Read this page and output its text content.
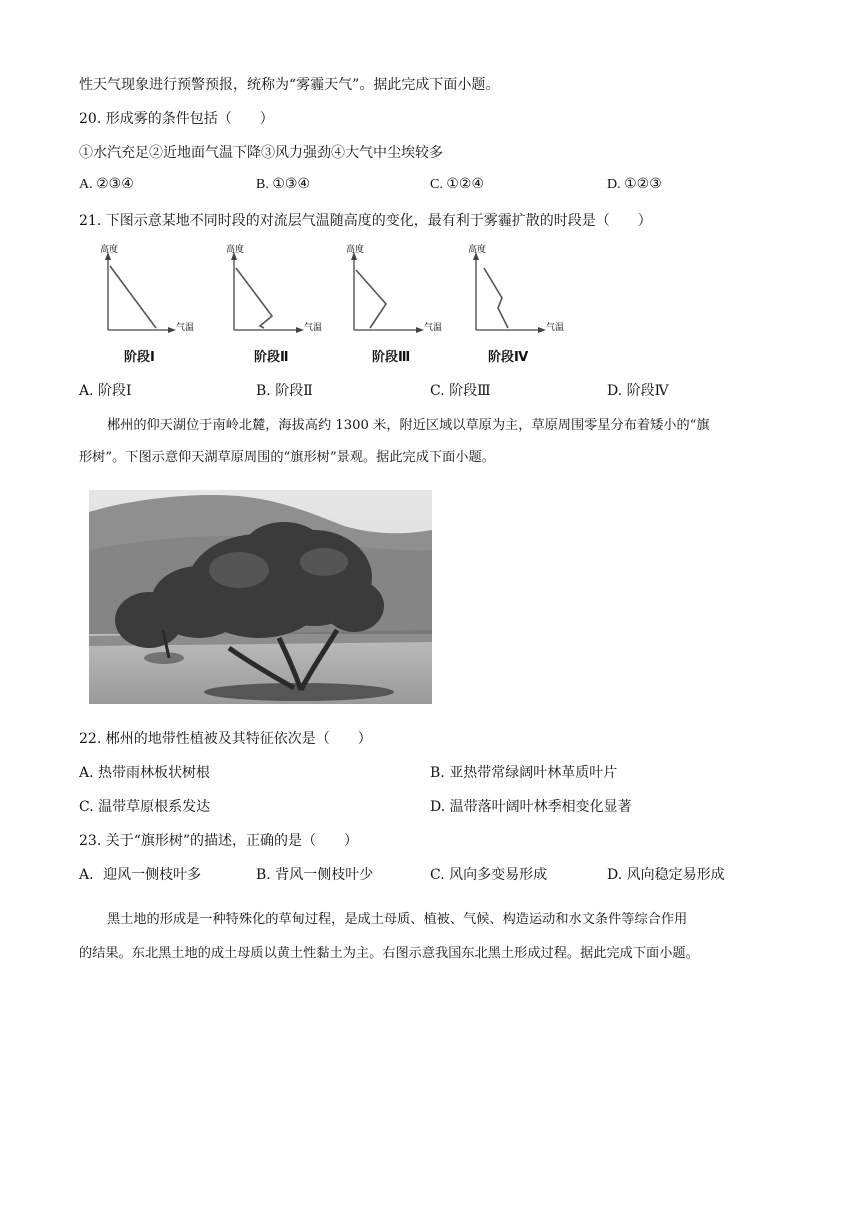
性天气现象进行预警预报，统称为“雾霾天气”。据此完成下面小题。
20. 形成雾的条件包括（　　）
①水汽充足②近地面气温下降③风力强劲④大气中尘埃较多
A. ②③④	B. ①③④	C. ①②④	D. ①②③
21. 下图示意某地不同时段的对流层气温随高度的变化，最有利于雾霾扩散的时段是（　　）
高度
气温
阶段Ⅰ
高度
气温
阶段Ⅱ
高度
气温
阶段Ⅲ
高度
气温
阶段Ⅳ
A. 阶段Ⅰ	B. 阶段Ⅱ	C. 阶段Ⅲ	D. 阶段Ⅳ
郴州的仰天湖位于南岭北麓，海拔高约 1300 米，附近区域以草原为主，草原周围零星分布着矮小的“旗
形树”。下图示意仰天湖草原周围的“旗形树”景观。据此完成下面小题。
22. 郴州的地带性植被及其特征依次是（　　）
A. 热带雨林板状树根	B. 亚热带常绿阔叶林革质叶片
C. 温带草原根系发达	D. 温带落叶阔叶林季相变化显著
23. 关于“旗形树”的描述，正确的是（　　）
A．迎风一侧枝叶多	B. 背风一侧枝叶少	C. 风向多变易形成	D. 风向稳定易形成
黑土地的形成是一种特殊化的草甸过程，是成土母质、植被、气候、构造运动和水文条件等综合作用
的结果。东北黑土地的成土母质以黄土性黏土为主。右图示意我国东北黑土形成过程。据此完成下面小题。
